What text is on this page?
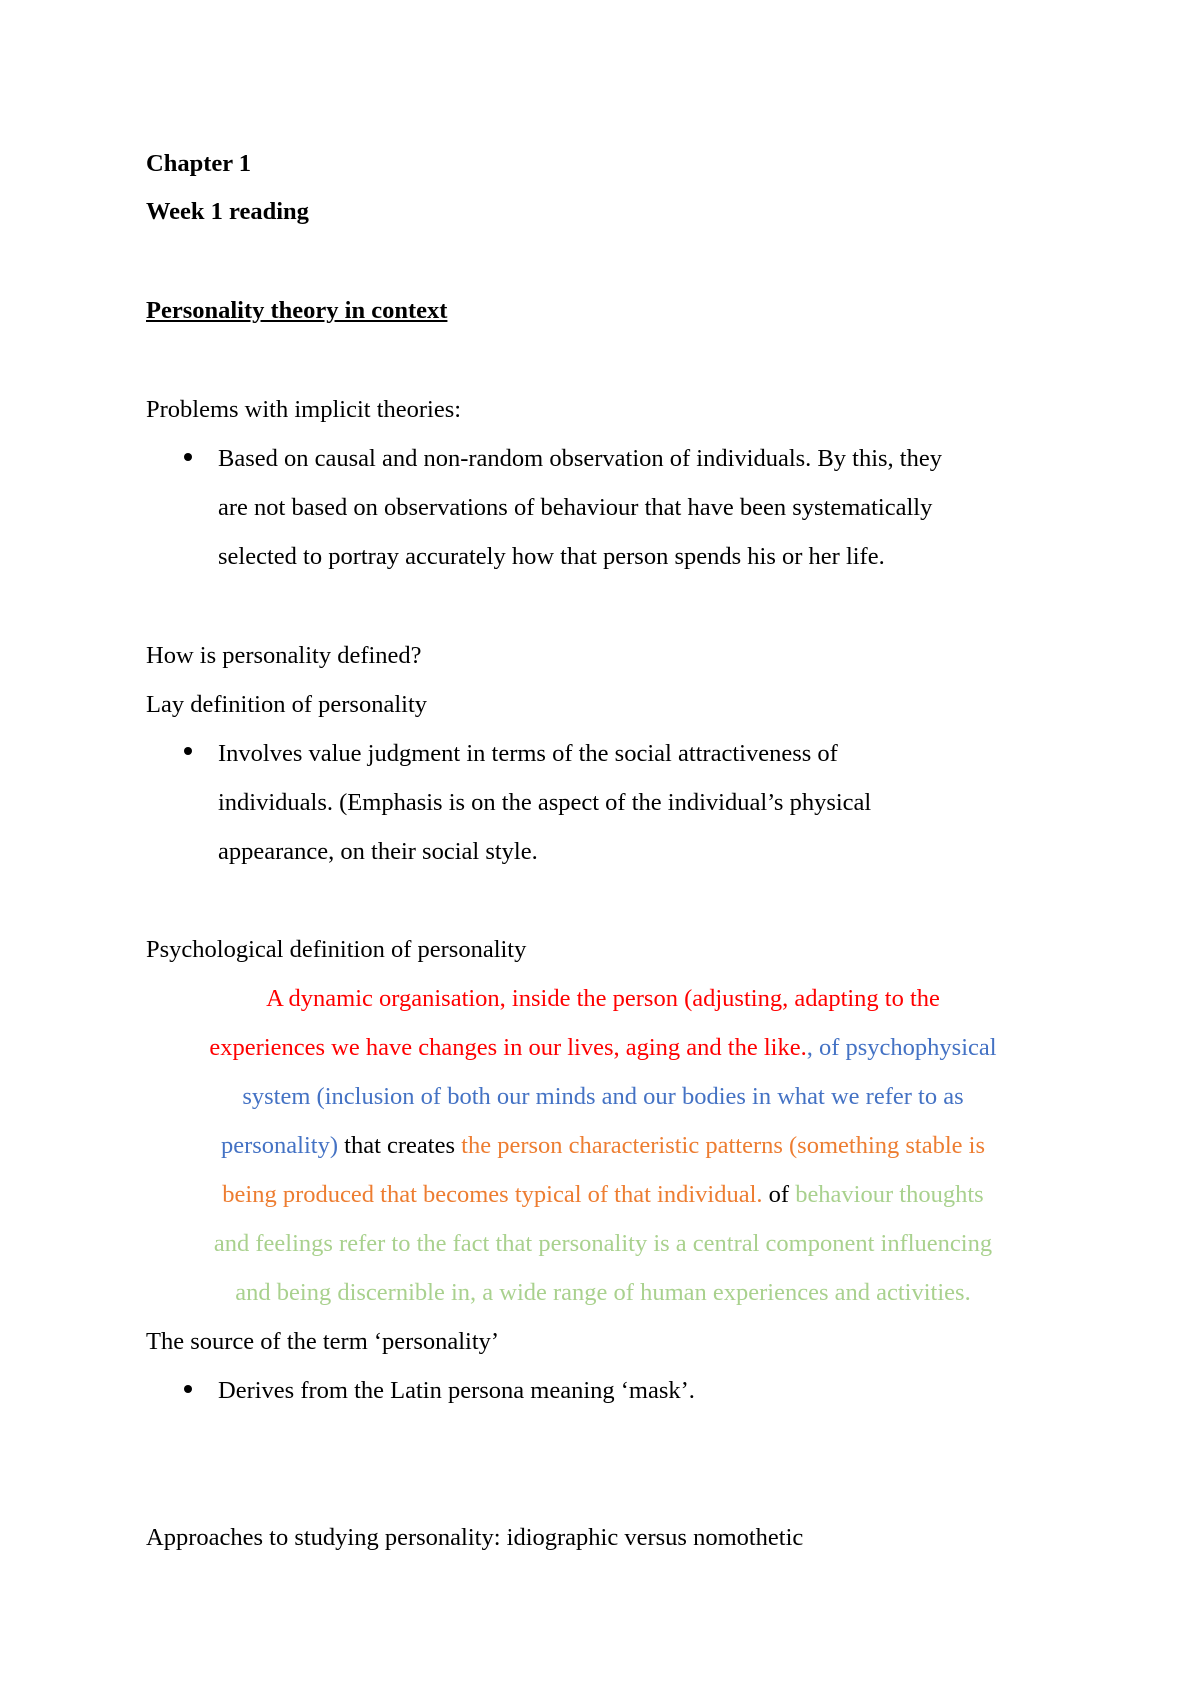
Chapter 1
Week 1 reading
Personality theory in context
Problems with implicit theories:
Based on causal and non-random observation of individuals. By this, they
are not based on observations of behaviour that have been systematically
selected to portray accurately how that person spends his or her life.
How is personality defined?
Lay definition of personality
Involves value judgment in terms of the social attractiveness of
individuals. (Emphasis is on the aspect of the individual’s physical
appearance, on their social style.
Psychological definition of personality
A dynamic organisation, inside the person (adjusting, adapting to the
experiences we have changes in our lives, aging and the like., of psychophysical
system (inclusion of both our minds and our bodies in what we refer to as
personality) that creates the person characteristic patterns (something stable is
being produced that becomes typical of that individual. of behaviour thoughts
and feelings refer to the fact that personality is a central component influencing
and being discernible in, a wide range of human experiences and activities.
The source of the term ‘personality’
Derives from the Latin persona meaning ‘mask’.
Approaches to studying personality: idiographic versus nomothetic
